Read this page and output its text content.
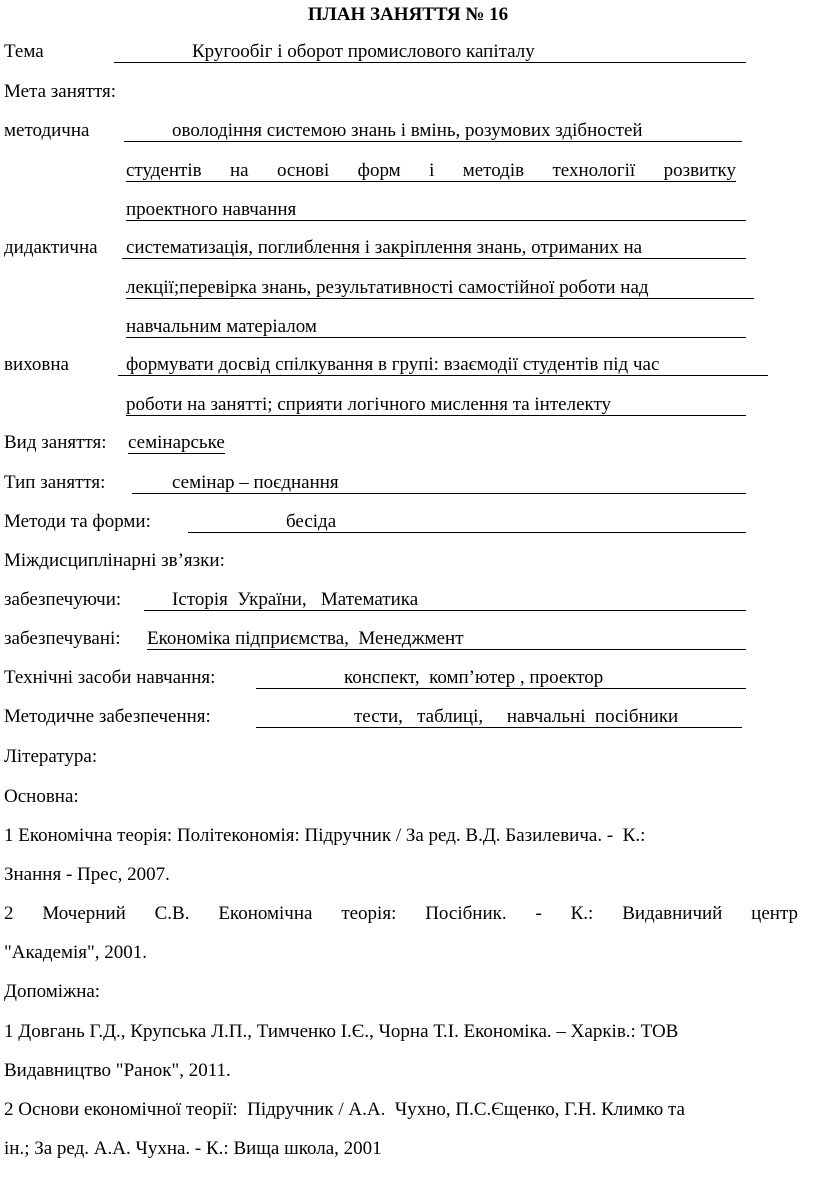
ПЛАН ЗАНЯТТЯ № 16
Тема	Кругообіг і оборот промислового капіталу
Мета заняття:
методична	оволодіння системою знань і вмінь, розумових здібностей
студентів на основі форм і методів технології розвитку
проектного навчання
дидактична систематизація, поглиблення і закріплення знань, отриманих на
лекції;перевірка знань, результативності самостійної роботи над
навчальним матеріалом
виховна	формувати досвід спілкування в групі: взаємодії студентів під час
роботи на занятті; сприяти логічного мислення та інтелекту
Вид заняття: семінарське
Тип заняття:	семінар – поєднання
Методи та форми:	бесіда
Міждисциплінарні зв’язки:
забезпечуючи:	Історія  України,   Математика
забезпечувані: Економіка підприємства,  Менеджмент
Технічні засоби навчання:	конспект,  комп’ютер , проектор
Методичне забезпечення:	тести,   таблиці,     навчальні  посібники
Література:
Основна:
1 Економічна теорія: Політекономія: Підручник / За ред. В.Д. Базилевича. -  К.:
Знання - Прес, 2007.
2 Мочерний С.В. Економічна теорія: Посібник. - К.: Видавничий центр
"Академія", 2001.
Допоміжна:
1 Довгань Г.Д., Крупська Л.П., Тимченко І.Є., Чорна Т.І. Економіка. – Харків.: ТОВ
Видавництво "Ранок", 2011.
2 Основи економічної теорії:  Підручник / А.А.  Чухно, П.С.Єщенко, Г.Н. Климко та
ін.; За ред. А.А. Чухна. - К.: Вища школа, 2001
